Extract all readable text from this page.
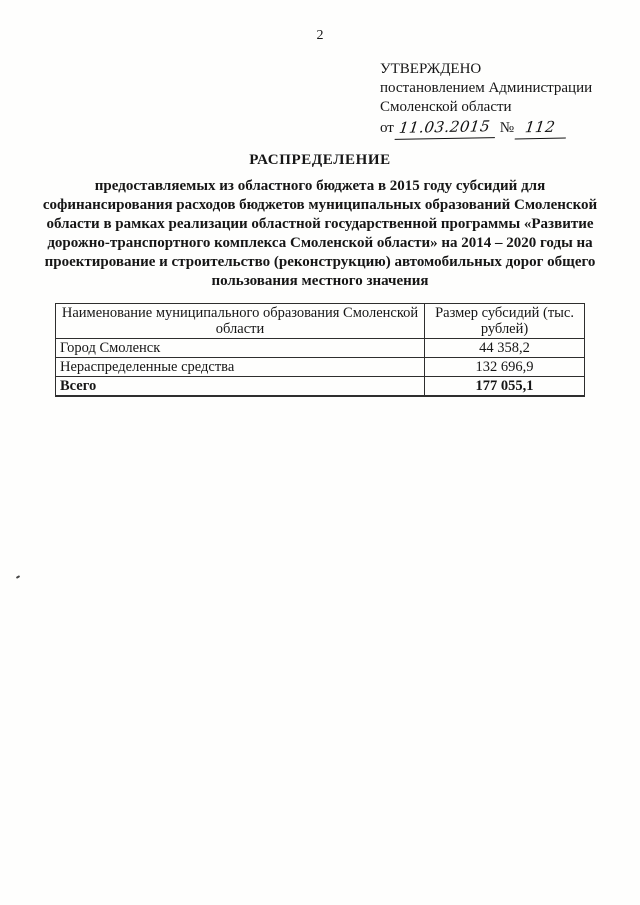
2
УТВЕРЖДЕНО
постановлением Администрации
Смоленской области
от 11.03.2015 № 112
РАСПРЕДЕЛЕНИЕ
предоставляемых из областного бюджета в 2015 году субсидий для софинансирования расходов бюджетов муниципальных образований Смоленской области в рамках реализации областной государственной программы «Развитие дорожно-транспортного комплекса Смоленской области» на 2014 – 2020 годы на проектирование и строительство (реконструкцию) автомобильных дорог общего пользования местного значения
Наименование муниципального образования Смоленской области	Размер субсидий (тыс. рублей)
Город Смоленск	44 358,2
Нераспределенные средства	132 696,9
Всего	177 055,1
